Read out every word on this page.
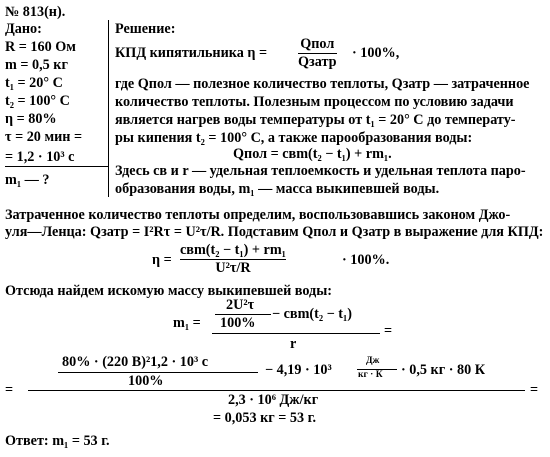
№ 813(н).
Дано:
R = 160 Ом
m = 0,5 кг
t₁ = 20° С
t₂ = 100° С
η = 80%
τ = 20 мин =
= 1,2 · 10³ с
m₁ — ?
Решение:
КПД кипятильника η =
Qпол
Qзатр
· 100%,
где Qпол — полезное количество теплоты, Qзатр — затраченное
количество теплоты. Полезным процессом по условию задачи
является нагрев воды температуры от t₁ = 20° С до температу-
ры кипения t₂ = 100° С, а также парообразования воды:
Qпол = cвm(t₂ − t₁) + rm₁.
Здесь cв и r — удельная теплоемкость и удельная теплота паро-
образования воды, m₁ — масса выкипевшей воды.
Затраченное количество теплоты определим, воспользовавшись законом Джо-
уля—Ленца: Qзатр = I²Rτ = U²τ/R. Подставим Qпол и Qзатр в выражение для КПД:
η =
cвm(t₂ − t₁) + rm₁
U²τ/R	· 100%.
Отсюда найдем искомую массу выкипевшей воды:
m₁ =
2U²τ
100%
− cвm(t₂ − t₁)
r
=
=
80% · (220 В)²1,2 · 10³ с
100%
− 4,19 · 10³
Дж
кг · К · 0,5 кг · 80 К
2,3 · 10⁶ Дж/кг
=
= 0,053 кг = 53 г.
Ответ: m₁ = 53 г.
